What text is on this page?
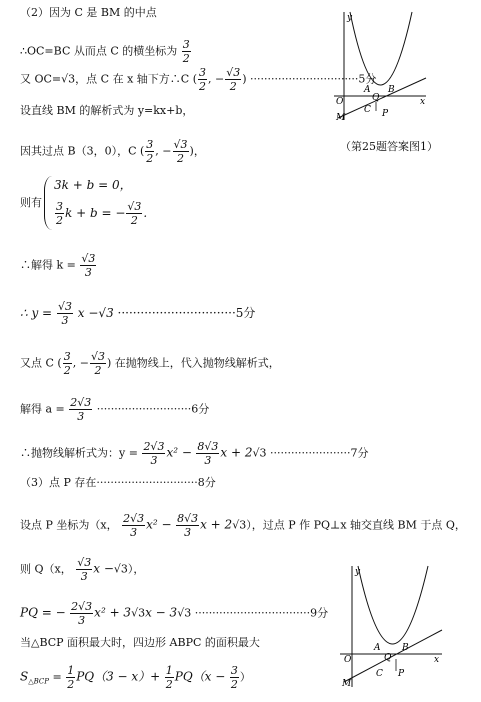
（2）因为 C 是 BM 的中点
∴OC=BC 从而点 C 的横坐标为 $\frac{3}{2}$
又 OC=√3，点 C 在 x 轴下方∴C ( $\frac{3}{2}$ , − $\frac{√3}{2}$ ) ·······························5分
设直线 BM 的解析式为 y=kx+b，
因其过点 B（3，0），C ( $\frac{3}{2}$ , − $\frac{√3}{2}$ )，	（第25题答案图1）
则有
3k + b = 0，
$\frac{3}{2}$ k + b = − $\frac{√3}{2}$ .
∴解得 $k = \frac{√3}{3}$
∴ $y = \frac{√3}{3}$ x −√3 ·······························5分
又点 C ( $\frac{3}{2}$ , − $\frac{√3}{2}$ ) 在抛物线上，代入抛物线解析式，
解得 $a = \frac{2√3}{3} \cdot\cdot\cdot\cdot\cdot\cdot\cdot\cdot\cdot\cdot\cdot\cdot\cdot\cdot\cdot\cdot\cdot\cdot\cdot\cdot\cdot\cdot\cdot\cdot\cdot\cdot\cdot 6$分
∴抛物线解析式为：$y = \frac{2√3}{3} x^2 - \frac{8√3}{3}$ x + 2√3 ·······················7分
（3）点 P 存在·····························8分
设点 P 坐标为（x， $\frac{2√3}{3} x^2 - \frac{8√3}{3}$ x + 2√3），过点 P 作 PQ⊥x 轴交直线 BM 于点 Q，
则 Q（x， $\frac{√3}{3}$ x −√3），
PQ = − $\frac{2√3}{3} x^2 + 3√3x - 3√3 \cdot\cdot\cdot\cdot\cdot\cdot\cdot\cdot\cdot\cdot\cdot\cdot\cdot\cdot\cdot\cdot\cdot\cdot\cdot\cdot\cdot\cdot\cdot\cdot\cdot\cdot\cdot\cdot\cdot\cdot\cdot\cdot\cdot 9$分
当△BCP 面积最大时，四边形 ABPC 的面积最大
$S_{\triangle BCP} = \frac{1}{2} PQ(3 - x)+ \frac{1}{2} PQ(x - \frac{3}{2}$ ）
y
O
A B
x
M
C
Q
P
y
O
A B
x
M
C
Q
P
